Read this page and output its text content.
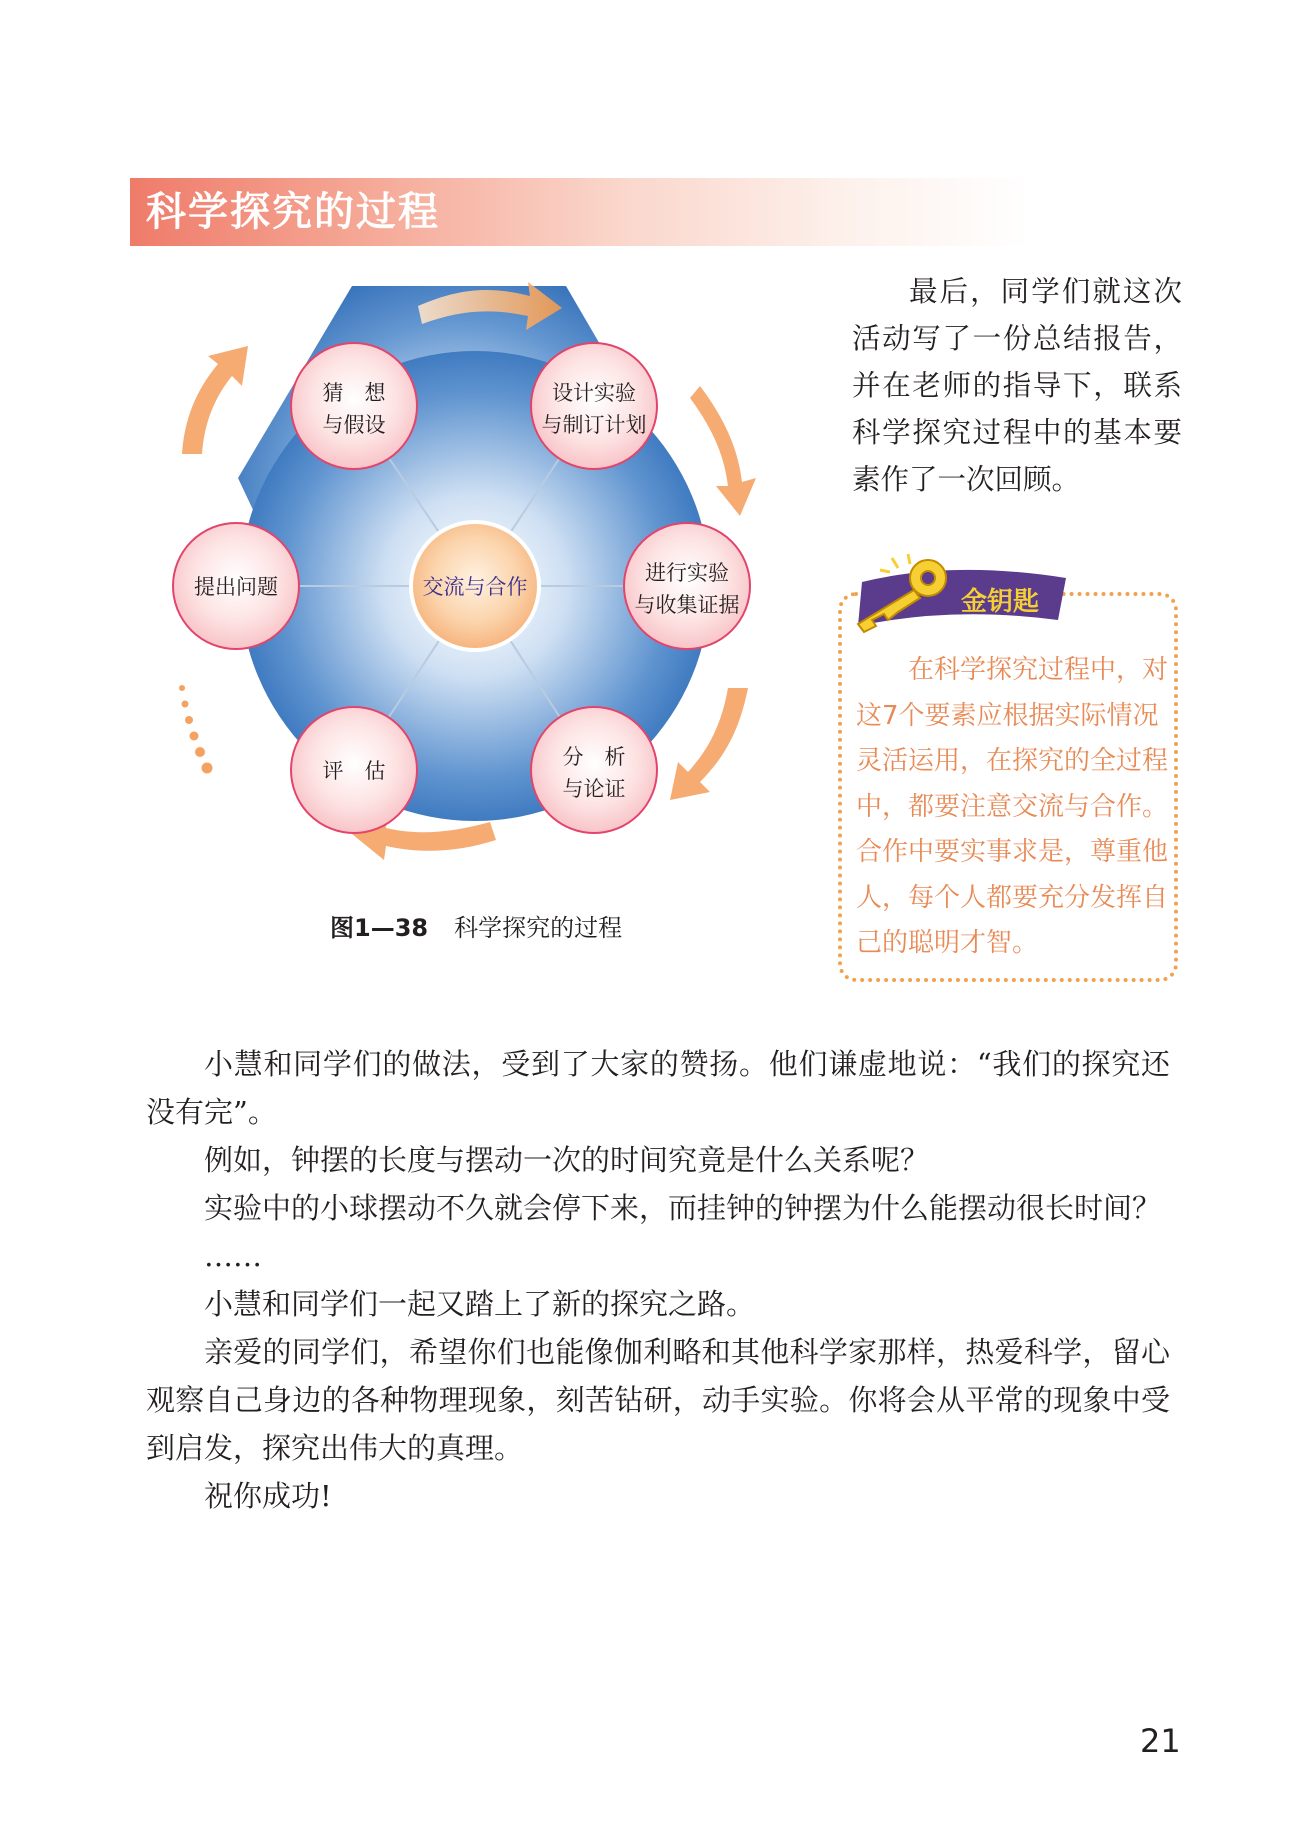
科学探究的过程
交流与合作
猜　想
与假设
设计实验
与制订计划
进行实验
与收集证据
分　析
与论证
评　估
提出问题
图1—38 科学探究的过程

最后，同学们就这次活动写了一份总结报告，并在老师的指导下，联系科学探究过程中的基本要素作了一次回顾。

金钥匙

在科学探究过程中，对这7个要素应根据实际情况灵活运用，在探究的全过程中，都要注意交流与合作。合作中要实事求是，尊重他人，每个人都要充分发挥自己的聪明才智。

小慧和同学们的做法，受到了大家的赞扬。他们谦虚地说：“我们的探究还没有完”。

例如，钟摆的长度与摆动一次的时间究竟是什么关系呢？

实验中的小球摆动不久就会停下来，而挂钟的钟摆为什么能摆动很长时间？

……

小慧和同学们一起又踏上了新的探究之路。

亲爱的同学们，希望你们也能像伽利略和其他科学家那样，热爱科学，留心观察自己身边的各种物理现象，刻苦钻研，动手实验。你将会从平常的现象中受到启发，探究出伟大的真理。

祝你成功!

21
